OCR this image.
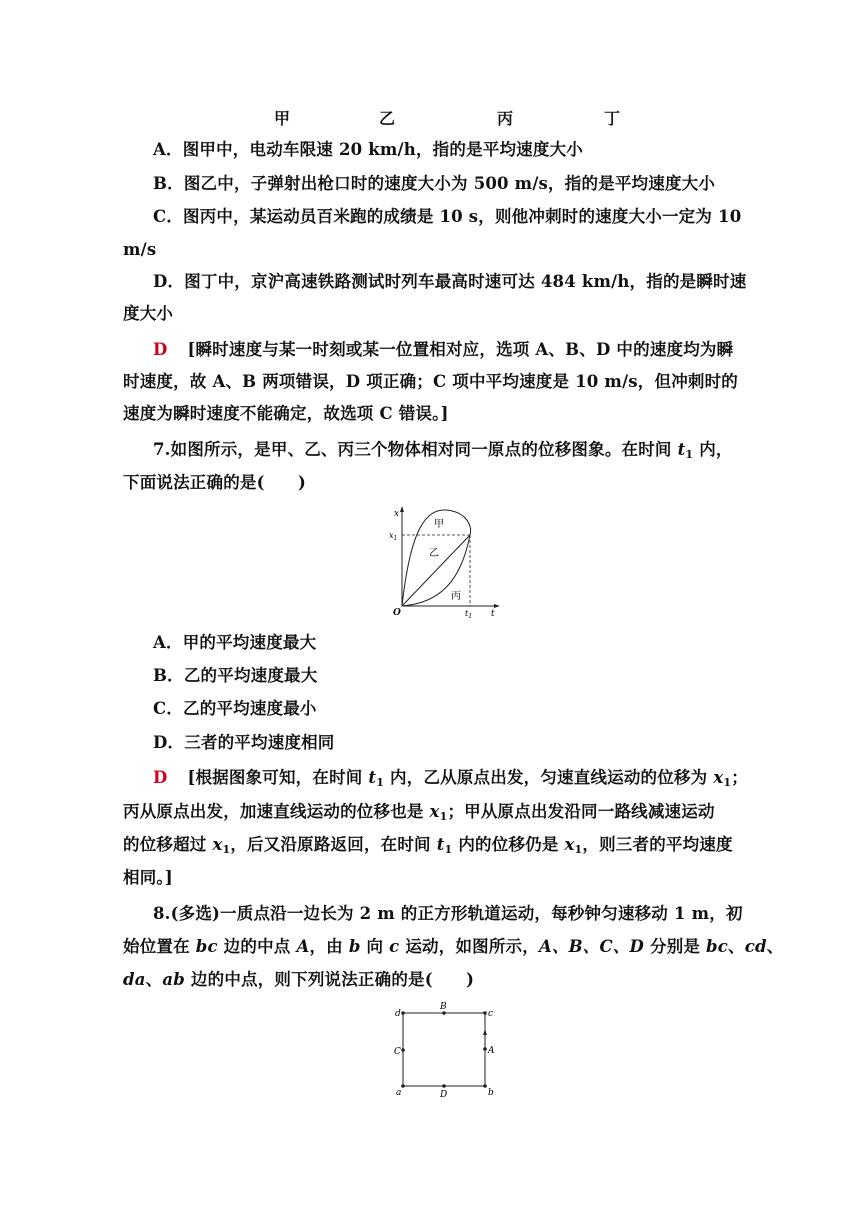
甲	乙	丙	丁
A．图甲中，电动车限速 20 km/h，指的是平均速度大小
B．图乙中，子弹射出枪口时的速度大小为 500 m/s，指的是平均速度大小
C．图丙中，某运动员百米跑的成绩是 10 s，则他冲刺时的速度大小一定为 10
m/s
D．图丁中，京沪高速铁路测试时列车最高时速可达 484 km/h，指的是瞬时速
度大小
D [瞬时速度与某一时刻或某一位置相对应，选项 A、B、D 中的速度均为瞬
时速度，故 A、B 两项错误，D 项正确；C 项中平均速度是 10 m/s，但冲刺时的
速度为瞬时速度不能确定，故选项 C 错误。]
7.如图所示，是甲、乙、丙三个物体相对同一原点的位移图象。在时间 $t_1$ 内，
下面说法正确的是(　　)
x
t
O
$x_1$
$t_1$
甲
乙
丙
A．甲的平均速度最大
B．乙的平均速度最大
C．乙的平均速度最小
D．三者的平均速度相同
D [根据图象可知，在时间 $t_1$ 内，乙从原点出发，匀速直线运动的位移为 $x_1$；
丙从原点出发，加速直线运动的位移也是 $x_1$；甲从原点出发沿同一路线减速运动
的位移超过 $x_1$，后又沿原路返回，在时间 $t_1$ 内的位移仍是 $x_1$，则三者的平均速度
相同。]
8.(多选)一质点沿一边长为 2 m 的正方形轨道运动，每秒钟匀速移动 1 m，初
始位置在 bc 边的中点 A，由 b 向 c 运动，如图所示，A、B、C、D 分别是 bc、cd、
da、ab 边的中点，则下列说法正确的是(　　)
a	b
c
d
A
B
C
D
